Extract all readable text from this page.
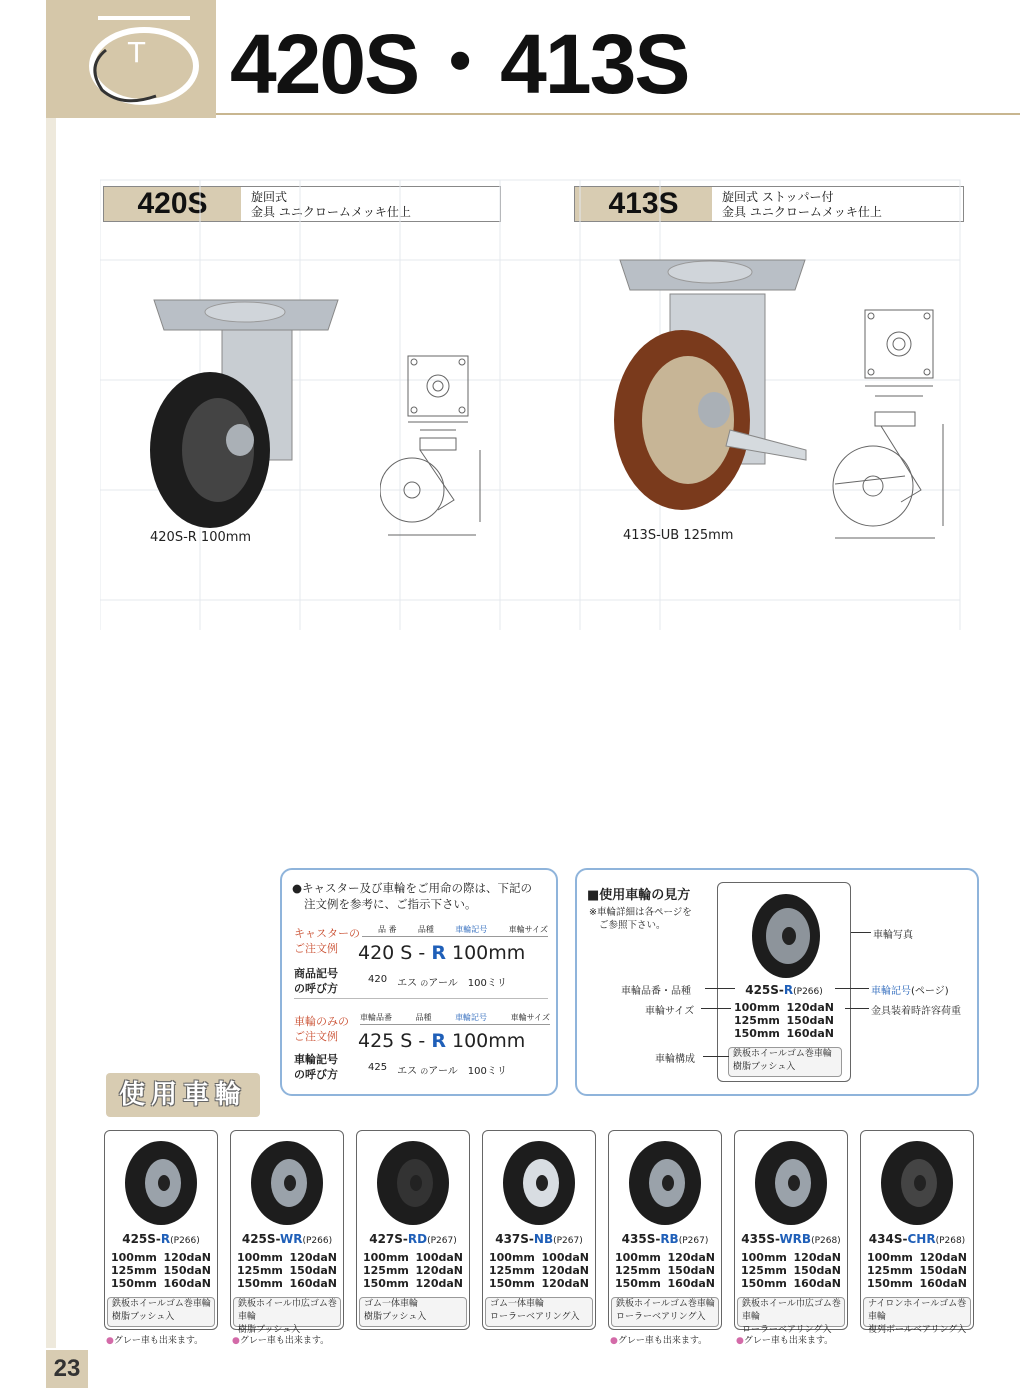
T 420S・413S
420S	旋回式
金具 ユニクロームメッキ仕上	413S	旋回式 ストッパー付
金具 ユニクロームメッキ仕上
420S-R 100mm	413S-UB 125mm
●キャスター及び車輪をご用命の際は、下記の
注文例を参考に、ご指示下さい。
キャスターの
ご注文例
品 番	品種	車輪記号	車輪サイズ
420 S - R 100mm
商品記号
の呼び方
420 エス のアール 100ミリ
車輪のみの
ご注文例
車輪品番	品種	車輪記号	車輪サイズ
425 S - R 100mm
車輪記号
の呼び方
425 エス のアール 100ミリ
■使用車輪の見方
※車輪詳細は各ページを
ご参照下さい。
425S-R(P266)
100mm 120daN
125mm 150daN
150mm 160daN
鉄板ホイールゴム巻車輪
樹脂ブッシュ入
車輪写真
車輪品番・品種	車輪記号(ページ)
車輪サイズ	金具装着時許容荷重
車輪構成
使用車輪
425S-R(P266)
100mm 120daN
125mm 150daN
150mm 160daN
鉄板ホイールゴム巻車輪
樹脂ブッシュ入
●グレー車も出来ます。
425S-WR(P266)
100mm 120daN
125mm 150daN
150mm 160daN
鉄板ホイール巾広ゴム巻車輪
樹脂ブッシュ入
●グレー車も出来ます。
427S-RD(P267)
100mm 100daN
125mm 120daN
150mm 120daN
ゴム一体車輪
樹脂ブッシュ入
437S-NB(P267)
100mm 100daN
125mm 120daN
150mm 120daN
ゴム一体車輪
ローラーベアリング入
435S-RB(P267)
100mm 120daN
125mm 150daN
150mm 160daN
鉄板ホイールゴム巻車輪
ローラーベアリング入
●グレー車も出来ます。
435S-WRB(P268)
100mm 120daN
125mm 150daN
150mm 160daN
鉄板ホイール巾広ゴム巻車輪
ローラーベアリング入
●グレー車も出来ます。
434S-CHR(P268)
100mm 120daN
125mm 150daN
150mm 160daN
ナイロンホイールゴム巻車輪
複列ボールベアリング入
23
